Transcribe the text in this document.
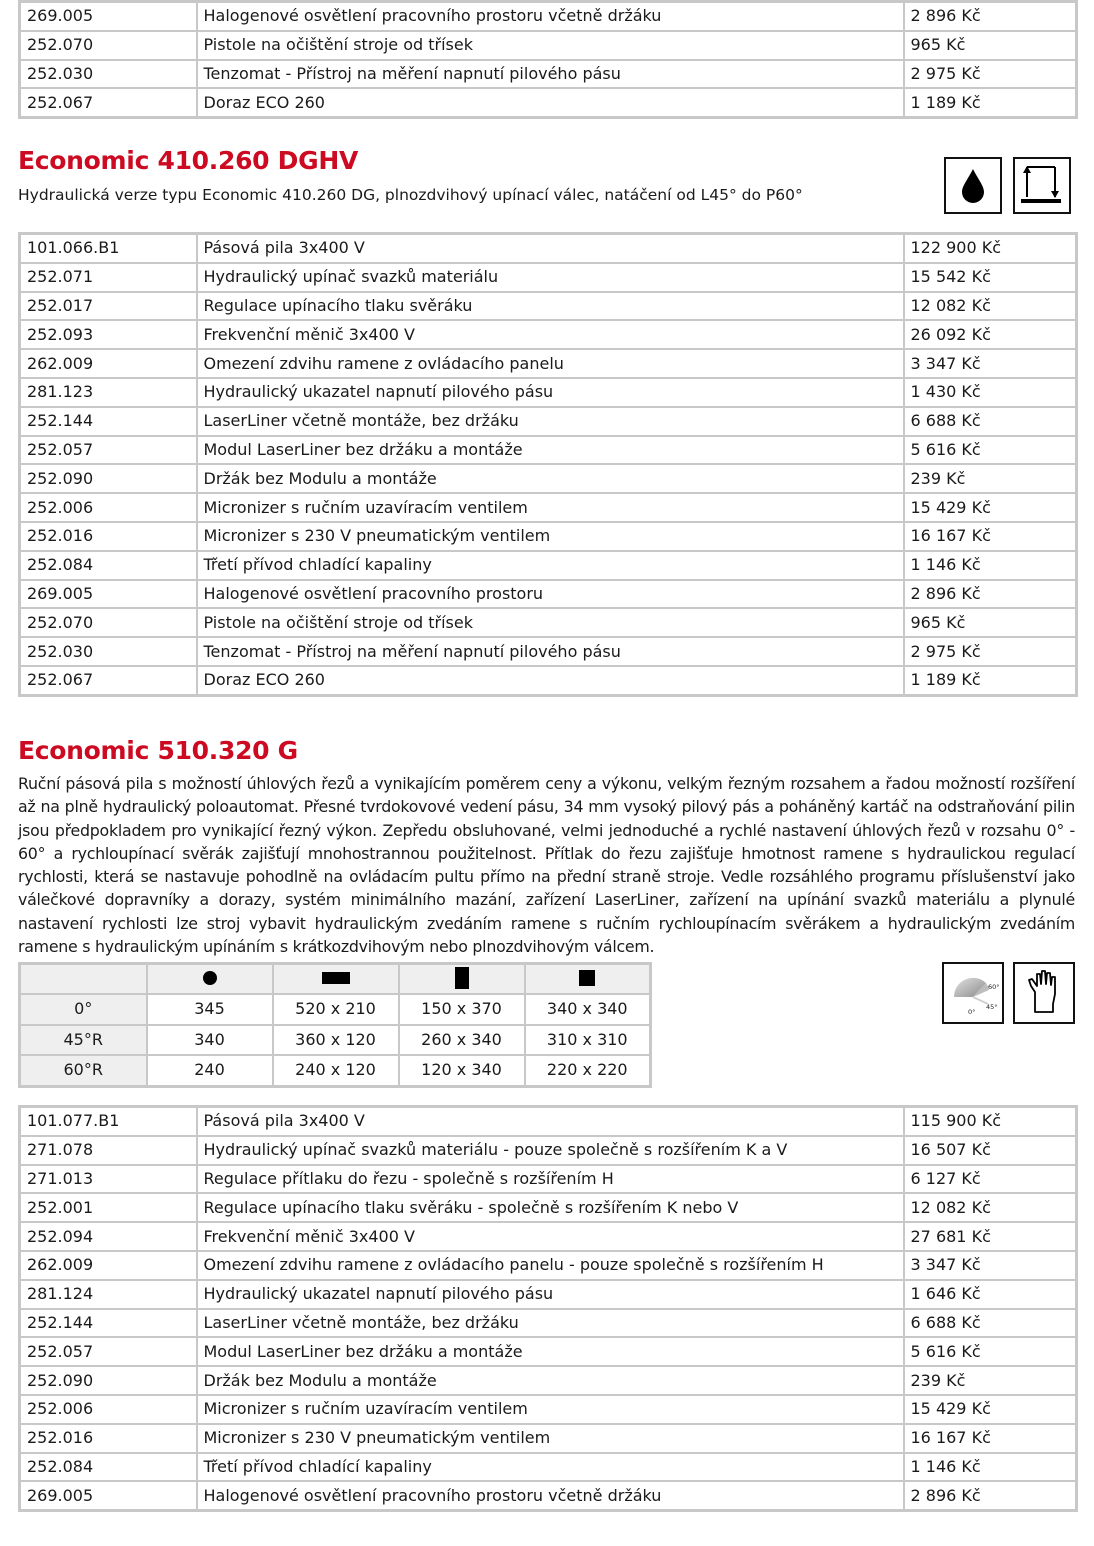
269.005	Halogenové osvětlení pracovního prostoru včetně držáku	2 896 Kč
252.070	Pistole na očištění stroje od třísek	965 Kč
252.030	Tenzomat - Přístroj na měření napnutí pilového pásu	2 975 Kč
252.067	Doraz ECO 260	1 189 Kč
Economic 410.260 DGHV

Hydraulická verze typu Economic 410.260 DG, plnozdvihový upínací válec, natáčení od L45° do P60°

101.066.B1	Pásová pila 3x400 V	122 900 Kč
252.071	Hydraulický upínač svazků materiálu	15 542 Kč
252.017	Regulace upínacího tlaku svěráku	12 082 Kč
252.093	Frekvenční měnič 3x400 V	26 092 Kč
262.009	Omezení zdvihu ramene z ovládacího panelu	3 347 Kč
281.123	Hydraulický ukazatel napnutí pilového pásu	1 430 Kč
252.144	LaserLiner včetně montáže, bez držáku	6 688 Kč
252.057	Modul LaserLiner bez držáku a montáže	5 616 Kč
252.090	Držák bez Modulu a montáže	239 Kč
252.006	Micronizer s ručním uzavíracím ventilem	15 429 Kč
252.016	Micronizer s 230 V pneumatickým ventilem	16 167 Kč
252.084	Třetí přívod chladící kapaliny	1 146 Kč
269.005	Halogenové osvětlení pracovního prostoru	2 896 Kč
252.070	Pistole na očištění stroje od třísek	965 Kč
252.030	Tenzomat - Přístroj na měření napnutí pilového pásu	2 975 Kč
252.067	Doraz ECO 260	1 189 Kč
Economic 510.320 G

Ruční pásová pila s možností úhlových řezů a vynikajícím poměrem ceny a výkonu, velkým řezným rozsahem a řadou možností rozšíření až na plně hydraulický poloautomat. Přesné tvrdokovové vedení pásu, 34 mm vysoký pilový pás a poháněný kartáč na odstraňování pilin jsou předpokladem pro vynikající řezný výkon. Zepředu obsluhované, velmi jednoduché a rychlé nastavení úhlových řezů v rozsahu 0° - 60° a rychloupínací svěrák zajišťují mnohostrannou použitelnost. Přítlak do řezu zajišťuje hmotnost ramene s hydraulickou regulací rychlosti, která se nastavuje pohodlně na ovládacím pultu přímo na přední straně stroje. Vedle rozsáhlého programu příslušenství jako válečkové dopravníky a dorazy, systém minimálního mazání, zařízení LaserLiner, zařízení na upínání svazků materiálu a plynulé nastavení rychlosti lze stroj vybavit hydraulickým zvedáním ramene s ručním rychloupínacím svěrákem a hydraulickým zvedáním ramene s hydraulickým upínáním s krátkozdvihovým nebo plnozdvihovým válcem.

0°	345	520 x 210	150 x 370	340 x 340
45°R	340	360 x 120	260 x 340	310 x 310
60°R	240	240 x 120	120 x 340	220 x 220
60°
45°
0°
101.077.B1	Pásová pila 3x400 V	115 900 Kč
271.078	Hydraulický upínač svazků materiálu - pouze společně s rozšířením K a V	16 507 Kč
271.013	Regulace přítlaku do řezu - společně s rozšířením H	6 127 Kč
252.001	Regulace upínacího tlaku svěráku - společně s rozšířením K nebo V	12 082 Kč
252.094	Frekvenční měnič 3x400 V	27 681 Kč
262.009	Omezení zdvihu ramene z ovládacího panelu - pouze společně s rozšířením H	3 347 Kč
281.124	Hydraulický ukazatel napnutí pilového pásu	1 646 Kč
252.144	LaserLiner včetně montáže, bez držáku	6 688 Kč
252.057	Modul LaserLiner bez držáku a montáže	5 616 Kč
252.090	Držák bez Modulu a montáže	239 Kč
252.006	Micronizer s ručním uzavíracím ventilem	15 429 Kč
252.016	Micronizer s 230 V pneumatickým ventilem	16 167 Kč
252.084	Třetí přívod chladící kapaliny	1 146 Kč
269.005	Halogenové osvětlení pracovního prostoru včetně držáku	2 896 Kč
